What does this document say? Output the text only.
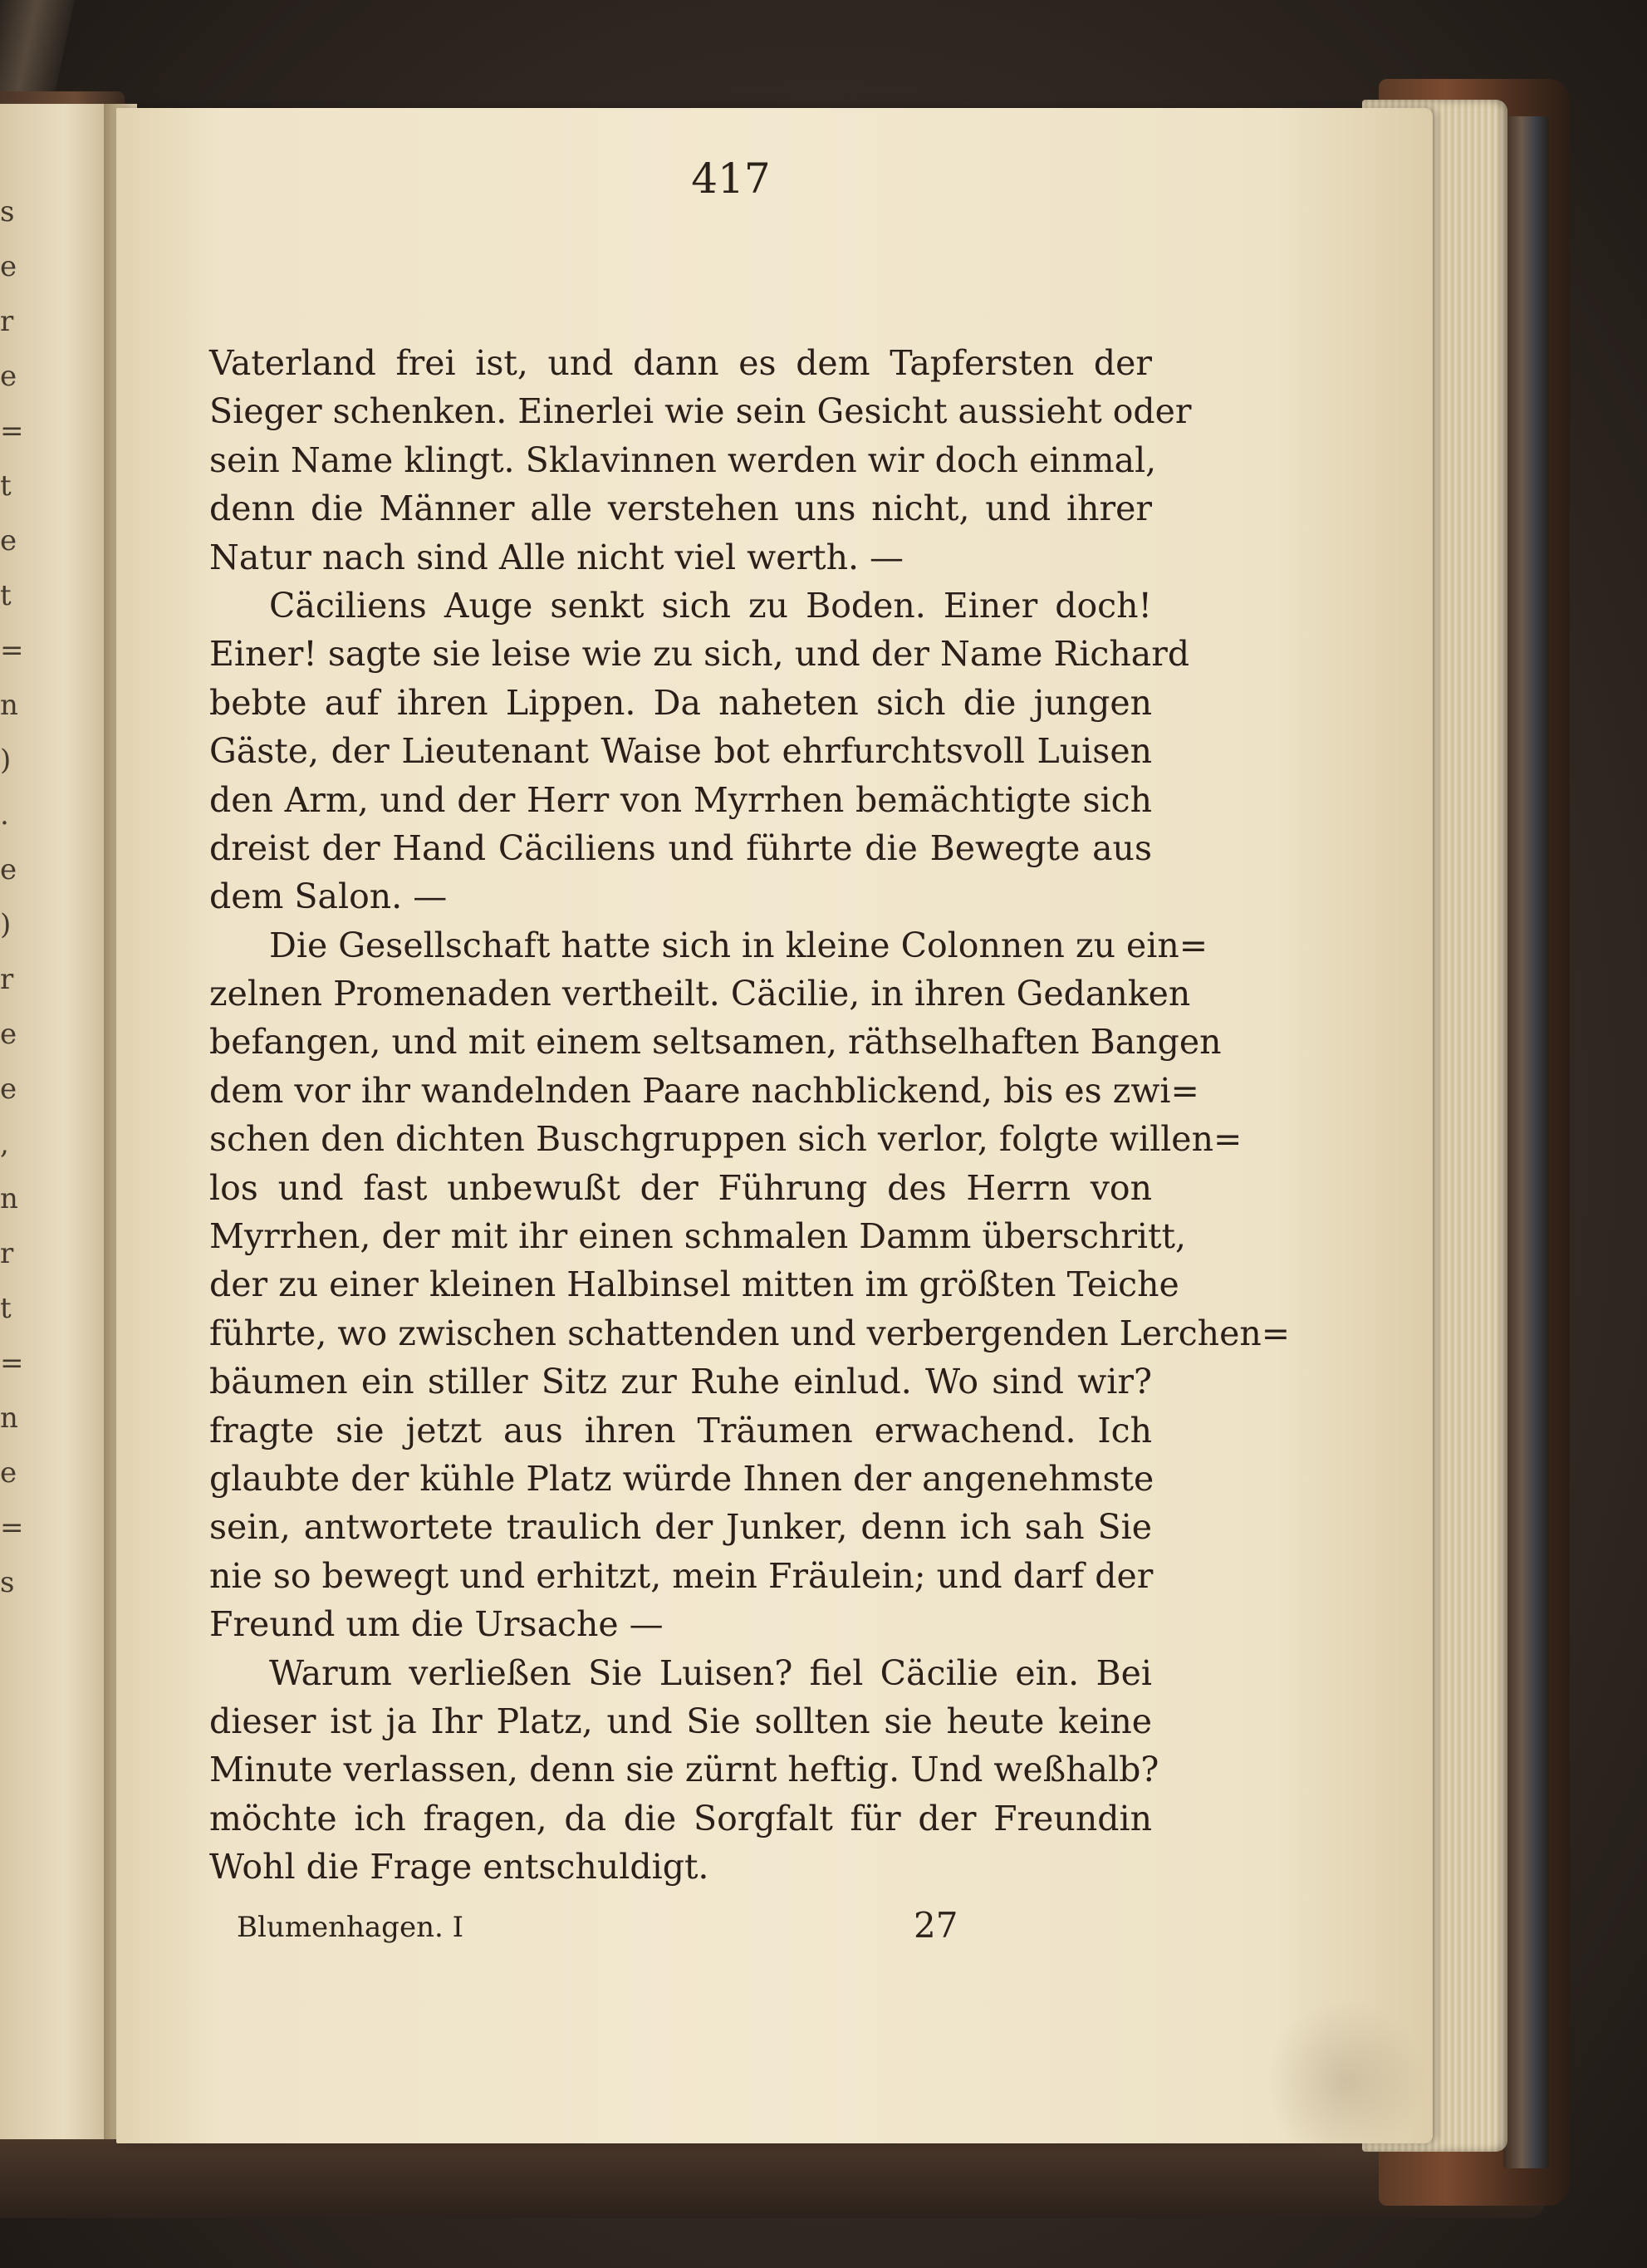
s
e
r
e
=
t
e
t
=
n
)
.
e
)
r
e
e
,
n
r
t
=
n
e
=
s
417
Vaterland frei ist, und dann es dem Tapfersten der
Sieger schenken. Einerlei wie sein Gesicht aussieht oder
sein Name klingt. Sklavinnen werden wir doch einmal,
denn die Männer alle verstehen uns nicht, und ihrer
Natur nach sind Alle nicht viel werth. —
Cäciliens Auge senkt sich zu Boden. Einer doch!
Einer! sagte sie leise wie zu sich, und der Name Richard
bebte auf ihren Lippen. Da naheten sich die jungen
Gäste, der Lieutenant Waise bot ehrfurchtsvoll Luisen
den Arm, und der Herr von Myrrhen bemächtigte sich
dreist der Hand Cäciliens und führte die Bewegte aus
dem Salon. —
Die Gesellschaft hatte sich in kleine Colonnen zu ein=
zelnen Promenaden vertheilt. Cäcilie, in ihren Gedanken
befangen, und mit einem seltsamen, räthselhaften Bangen
dem vor ihr wandelnden Paare nachblickend, bis es zwi=
schen den dichten Buschgruppen sich verlor, folgte willen=
los und fast unbewußt der Führung des Herrn von
Myrrhen, der mit ihr einen schmalen Damm überschritt,
der zu einer kleinen Halbinsel mitten im größten Teiche
führte, wo zwischen schattenden und verbergenden Lerchen=
bäumen ein stiller Sitz zur Ruhe einlud. Wo sind wir?
fragte sie jetzt aus ihren Träumen erwachend. Ich
glaubte der kühle Platz würde Ihnen der angenehmste
sein, antwortete traulich der Junker, denn ich sah Sie
nie so bewegt und erhitzt, mein Fräulein; und darf der
Freund um die Ursache —
Warum verließen Sie Luisen? fiel Cäcilie ein. Bei
dieser ist ja Ihr Platz, und Sie sollten sie heute keine
Minute verlassen, denn sie zürnt heftig. Und weßhalb?
möchte ich fragen, da die Sorgfalt für der Freundin
Wohl die Frage entschuldigt.
Blumenhagen. I	27
